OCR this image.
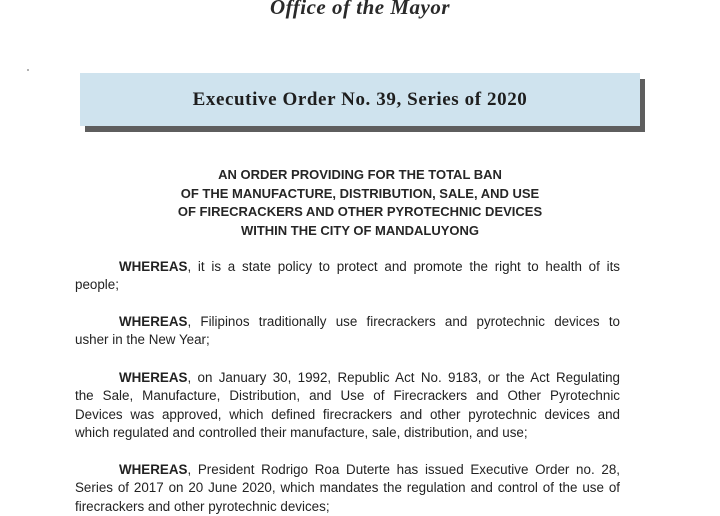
Office of the Mayor
Executive Order No. 39, Series of 2020
AN ORDER PROVIDING FOR THE TOTAL BAN
OF THE MANUFACTURE, DISTRIBUTION, SALE, AND USE
OF FIRECRACKERS AND OTHER PYROTECHNIC DEVICES
WITHIN THE CITY OF MANDALUYONG
WHEREAS, it is a state policy to protect and promote the right to health of its
people;
WHEREAS, Filipinos traditionally use firecrackers and pyrotechnic devices to
usher in the New Year;
WHEREAS, on January 30, 1992, Republic Act No. 9183, or the Act Regulating
the Sale, Manufacture, Distribution, and Use of Firecrackers and Other Pyrotechnic
Devices was approved, which defined firecrackers and other pyrotechnic devices and
which regulated and controlled their manufacture, sale, distribution, and use;
WHEREAS, President Rodrigo Roa Duterte has issued Executive Order no. 28,
Series of 2017 on 20 June 2020, which mandates the regulation and control of the use of
firecrackers and other pyrotechnic devices;
